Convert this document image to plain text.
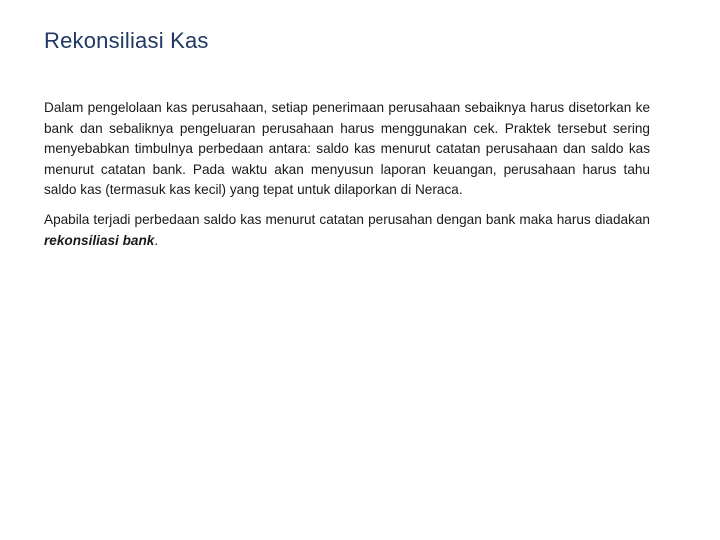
Rekonsiliasi Kas

Dalam pengelolaan kas perusahaan, setiap penerimaan perusahaan sebaiknya harus disetorkan ke bank dan sebaliknya pengeluaran perusahaan harus menggunakan cek. Praktek tersebut sering menyebabkan timbulnya perbedaan antara: saldo kas menurut catatan perusahaan dan saldo kas menurut catatan bank. Pada waktu akan menyusun laporan keuangan, perusahaan harus tahu saldo kas (termasuk kas kecil) yang tepat untuk dilaporkan di Neraca.

Apabila terjadi perbedaan saldo kas menurut catatan perusahan dengan bank maka harus diadakan rekonsiliasi bank.
